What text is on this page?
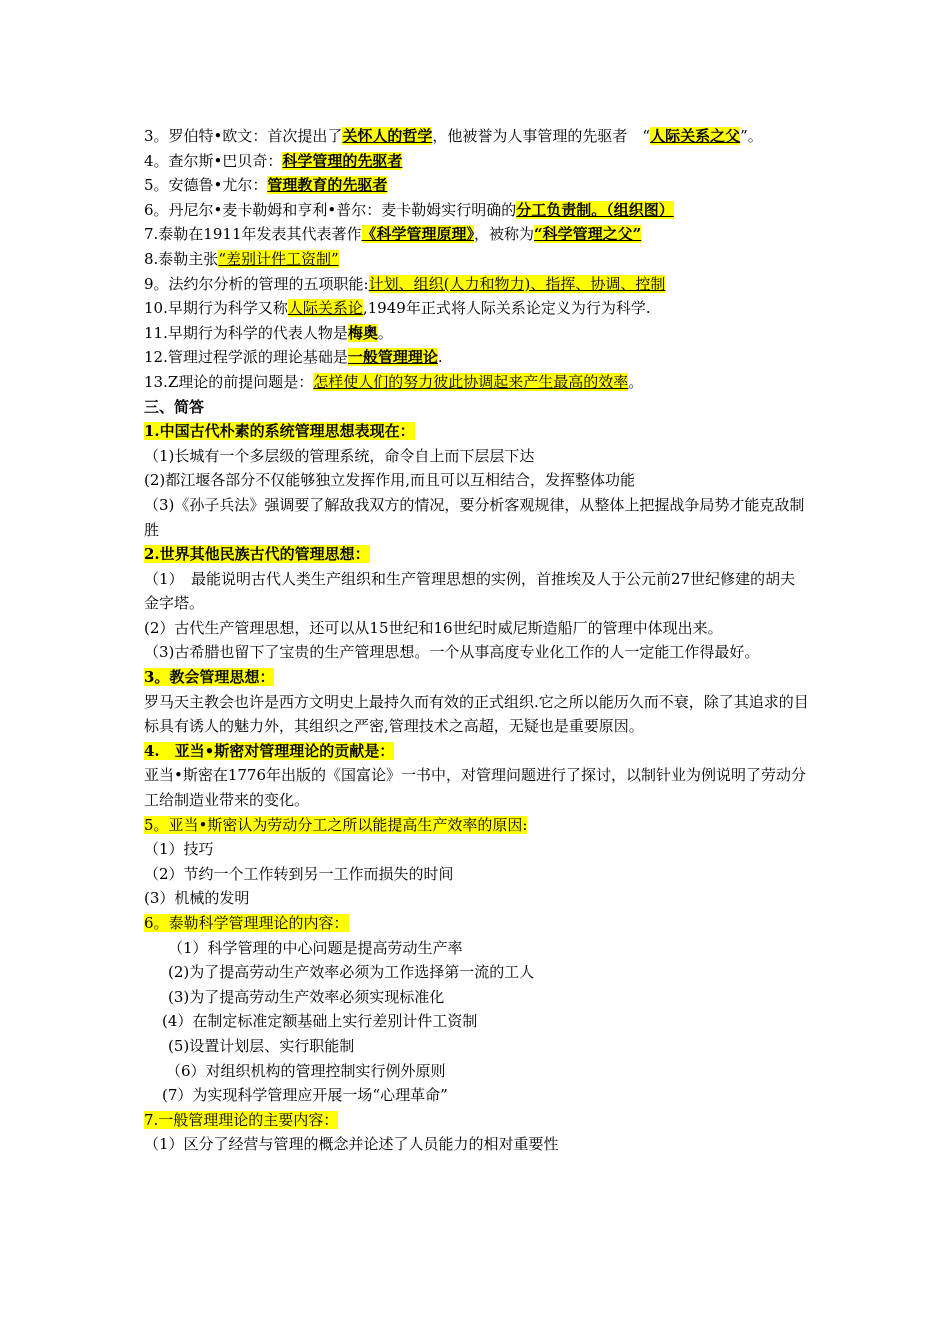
3。罗伯特•欧文：首次提出了关怀人的哲学，他被誉为人事管理的先驱者　“人际关系之父”。
4。查尔斯•巴贝奇：科学管理的先驱者
5。安德鲁•尤尔：管理教育的先驱者
6。丹尼尔•麦卡勒姆和亨利•普尔：麦卡勒姆实行明确的分工负责制。（组织图）
7.泰勒在1911年发表其代表著作《科学管理原理》，被称为“科学管理之父”
8.泰勒主张“差别计件工资制”
9。法约尔分析的管理的五项职能:计划、组织(人力和物力)、指挥、协调、控制
10.早期行为科学又称人际关系论,1949年正式将人际关系论定义为行为科学.
11.早期行为科学的代表人物是梅奥。
12.管理过程学派的理论基础是一般管理理论.
13.Z理论的前提问题是：怎样使人们的努力彼此协调起来产生最高的效率。
三、简答
1.中国古代朴素的系统管理思想表现在：
（1)长城有一个多层级的管理系统，命令自上而下层层下达
(2)都江堰各部分不仅能够独立发挥作用,而且可以互相结合，发挥整体功能
（3)《孙子兵法》强调要了解敌我双方的情况，要分析客观规律，从整体上把握战争局势才能克敌制胜
2.世界其他民族古代的管理思想：
（1）　最能说明古代人类生产组织和生产管理思想的实例，首推埃及人于公元前27世纪修建的胡夫金字塔。
(2）古代生产管理思想，还可以从15世纪和16世纪时威尼斯造船厂的管理中体现出来。
（3)古希腊也留下了宝贵的生产管理思想。一个从事高度专业化工作的人一定能工作得最好。
3。教会管理思想：
罗马天主教会也许是西方文明史上最持久而有效的正式组织.它之所以能历久而不衰，除了其追求的目标具有诱人的魅力外，其组织之严密,管理技术之高超，无疑也是重要原因。
4.　亚当•斯密对管理理论的贡献是：
亚当•斯密在1776年出版的《国富论》一书中，对管理问题进行了探讨，以制针业为例说明了劳动分工给制造业带来的变化。
5。亚当•斯密认为劳动分工之所以能提高生产效率的原因:
（1）技巧
（2）节约一个工作转到另一工作而损失的时间
(3）机械的发明
6。泰勒科学管理理论的内容：
（1）科学管理的中心问题是提高劳动生产率
(2)为了提高劳动生产效率必须为工作选择第一流的工人
(3)为了提高劳动生产效率必须实现标准化
(4）在制定标准定额基础上实行差别计件工资制
(5)设置计划层、实行职能制
（6）对组织机构的管理控制实行例外原则
(7）为实现科学管理应开展一场“心理革命”
7.一般管理理论的主要内容：
（1）区分了经营与管理的概念并论述了人员能力的相对重要性
